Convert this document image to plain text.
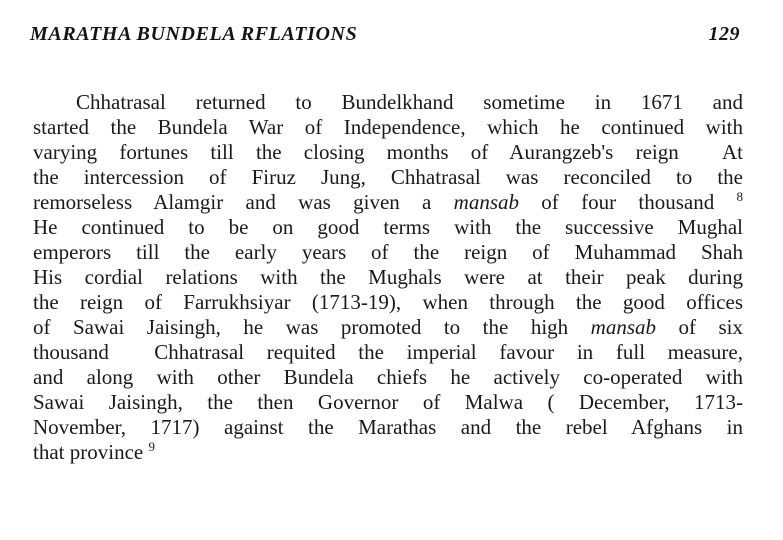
MARATHA BUNDELA RFLATIONS	129
Chhatrasal returned to Bundelkhand sometime in 1671 and
started the Bundela War of Independence, which he continued with
varying fortunes till the closing months of Aurangzeb's reign  At
the intercession of Firuz Jung, Chhatrasal was reconciled to the
remorseless Alamgir and was given a mansab of four thousand $^8$
He continued to be on good terms with the successive Mughal
emperors till the early years of the reign of Muhammad Shah
His cordial relations with the Mughals were at their peak during
the reign of Farrukhsiyar (1713-19), when through the good offices
of Sawai Jaisingh, he was promoted to the high mansab of six
thousand  Chhatrasal requited the imperial favour in full measure,
and along with other Bundela chiefs he actively co-operated with
Sawai Jaisingh, the then Governor of Malwa ( December, 1713-
November, 1717) against the Marathas and the rebel Afghans in
that province $^9$
